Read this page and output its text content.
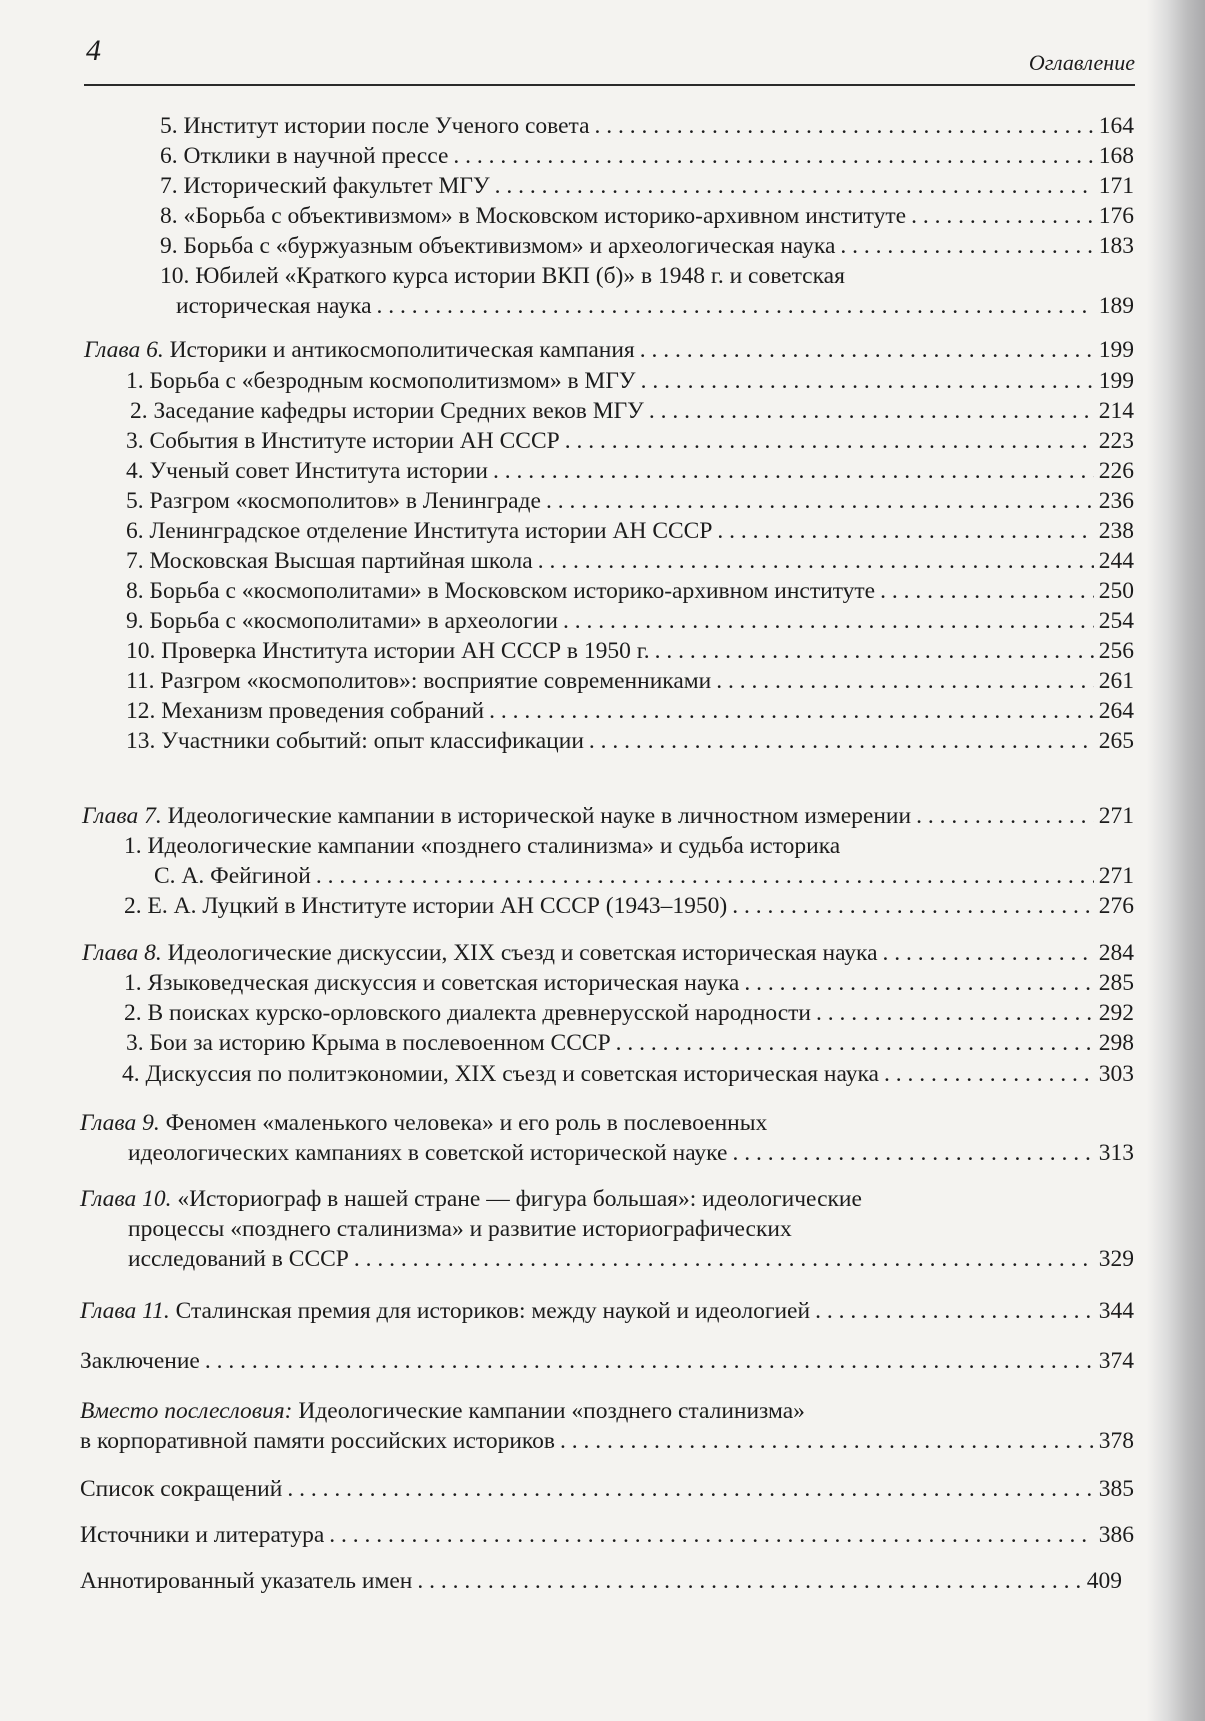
4	Оглавление
5. Институт истории после Ученого совета . . .	164
6. Отклики в научной прессе . . .	168
7. Исторический факультет МГУ . . .	171
8. «Борьба с объективизмом» в Московском историко-архивном институте . . .	176
9. Борьба с «буржуазным объективизмом» и археологическая наука . . .	183
10. Юбилей «Краткого курса истории ВКП (б)» в 1948 г. и советская
историческая наука . . .	189
Глава 6. Историки и антикосмополитическая кампания . . .	199
1. Борьба с «безродным космополитизмом» в МГУ . . .	199
2. Заседание кафедры истории Средних веков МГУ . . .	214
3. События в Институте истории АН СССР . . .	223
4. Ученый совет Института истории . . .	226
5. Разгром «космополитов» в Ленинграде . . .	236
6. Ленинградское отделение Института истории АН СССР . . .	238
7. Московская Высшая партийная школа . . .	244
8. Борьба с «космополитами» в Московском историко-архивном институте . . .	250
9. Борьба с «космополитами» в археологии . . .	254
10. Проверка Института истории АН СССР в 1950 г. . . .	256
11. Разгром «космополитов»: восприятие современниками . . .	261
12. Механизм проведения собраний . . .	264
13. Участники событий: опыт классификации . . .	265
Глава 7. Идеологические кампании в исторической науке в личностном измерении . . .	271
1. Идеологические кампании «позднего сталинизма» и судьба историка
С. А. Фейгиной . . .	271
2. Е. А. Луцкий в Институте истории АН СССР (1943–1950) . . .	276
Глава 8. Идеологические дискуссии, XIX съезд и советская историческая наука . . .	284
1. Языковедческая дискуссия и советская историческая наука . . .	285
2. В поисках курско-орловского диалекта древнерусской народности . . .	292
3. Бои за историю Крыма в послевоенном СССР . . .	298
4. Дискуссия по политэкономии, XIX съезд и советская историческая наука . . .	303
Глава 9. Феномен «маленького человека» и его роль в послевоенных
идеологических кампаниях в советской исторической науке . . .	313
Глава 10. «Историограф в нашей стране — фигура большая»: идеологические
процессы «позднего сталинизма» и развитие историографических
исследований в СССР . . .	329
Глава 11. Сталинская премия для историков: между наукой и идеологией . . .	344
Заключение . . .	374
Вместо послесловия: Идеологические кампании «позднего сталинизма»
в корпоративной памяти российских историков . . .	378
Список сокращений . . .	385
Источники и литература . . .	386
Аннотированный указатель имен . . .	409
